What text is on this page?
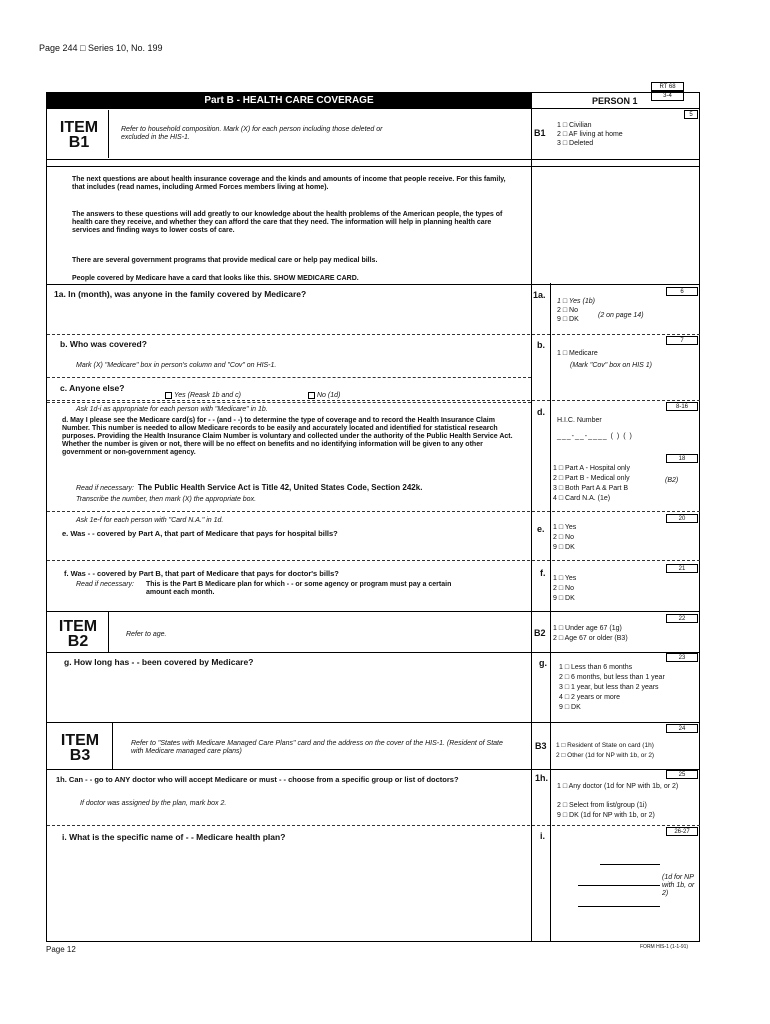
Page 244 □ Series 10, No. 199
RT 68
3-4
Part B - HEALTH CARE COVERAGE	PERSON 1
ITEM
B1
Refer to household composition. Mark (X) for each person including those deleted or excluded in the HIS-1.	B1
5
1 □ Civilian
2 □ AF living at home
3 □ Deleted
The next questions are about health insurance coverage and the kinds and amounts of income that people receive. For this family, that includes (read names, including Armed Forces members living at home).
The answers to these questions will add greatly to our knowledge about the health problems of the American people, the types of health care they receive, and whether they can afford the care that they need. The information will help in planning health care services and finding ways to lower costs of care.
There are several government programs that provide medical care or help pay medical bills.
People covered by Medicare have a card that looks like this. SHOW MEDICARE CARD.
1a. In (month), was anyone in the family covered by Medicare?	1a.	6
1 □ Yes (1b)
2 □ No
9 □ DK
(2 on page 14)
b. Who was covered?
Mark (X) "Medicare" box in person's column and "Cov" on HIS-1.
b.	7
1 □ Medicare
(Mark "Cov" box on HIS 1)
c. Anyone else?
Yes (Reask 1b and c)	No (1d)
Ask 1d-i as appropriate for each person with "Medicare" in 1b.
d. May I please see the Medicare card(s) for - - (and - -) to determine the type of coverage and to record the Health Insurance Claim Number. This number is needed to allow Medicare records to be easily and accurately located and identified for statistical research purposes. Providing the Health Insurance Claim Number is voluntary and collected under the authority of the Public Health Service Act. Whether the number is given or not, there will be no effect on benefits and no identifying information will be given to any other government or non-government agency.
Read if necessary: The Public Health Service Act is Title 42, United States Code, Section 242k.
Transcribe the number, then mark (X) the appropriate box.
d.	8-16
H.I.C. Number
___-__-____ ( ) ( )
18
1 □ Part A - Hospital only
2 □ Part B - Medical only
3 □ Both Part A & Part B
4 □ Card N.A. (1e)
(B2)
Ask 1e-f for each person with "Card N.A." in 1d.
e. Was - - covered by Part A, that part of Medicare that pays for hospital bills?	e.
20
1 □ Yes
2 □ No
9 □ DK
f. Was - - covered by Part B, that part of Medicare that pays for doctor's bills?
Read if necessary: This is the Part B Medicare plan for which - - or some agency or program must pay a certain amount each month.
f.	21
1 □ Yes
2 □ No
9 □ DK
ITEM
B2	Refer to age.	B2
22
1 □ Under age 67 (1g)
2 □ Age 67 or older (B3)
g. How long has - - been covered by Medicare?	g.	23
1 □ Less than 6 months
2 □ 6 months, but less than 1 year
3 □ 1 year, but less than 2 years
4 □ 2 years or more
9 □ DK
ITEM
B3
Refer to "States with Medicare Managed Care Plans" card and the address on the cover of the HIS-1. (Resident of State with Medicare managed care plans)
B3
24
1 □ Resident of State on card (1h)
2 □ Other (1d for NP with 1b, or 2)
1h. Can - - go to ANY doctor who will accept Medicare or must - - choose from a specific group or list of doctors?
If doctor was assigned by the plan, mark box 2.
1h.	25
1 □ Any doctor (1d for NP with 1b, or 2)
2 □ Select from list/group (1i)
9 □ DK (1d for NP with 1b, or 2)
i. What is the specific name of - - Medicare health plan?	i.	26-27
(1d for NP with 1b, or 2)
Page 12	FORM HIS-1 (1-1-91)
